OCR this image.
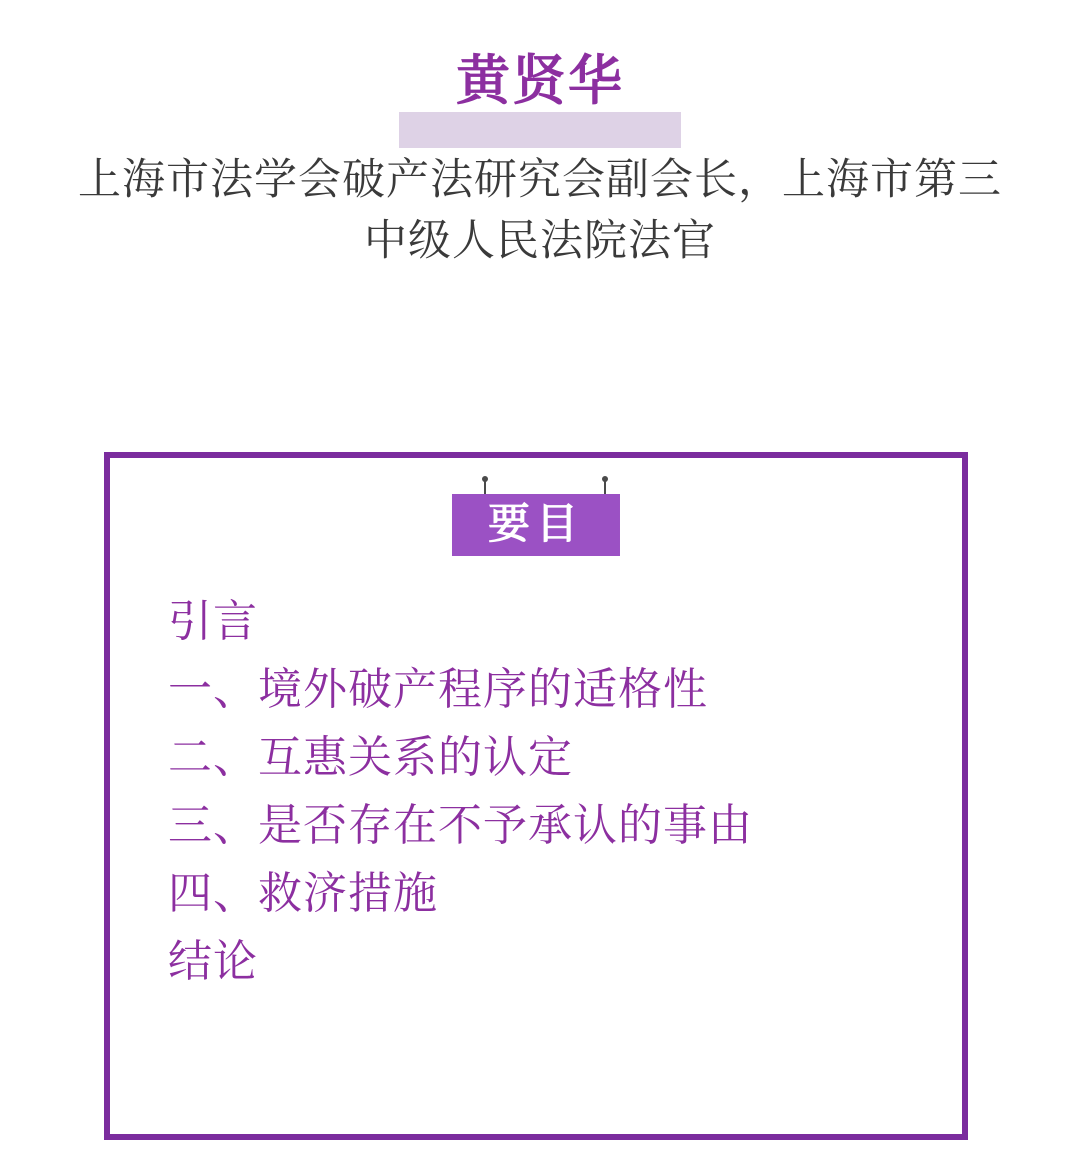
黄贤华
上海市法学会破产法研究会副会长，上海市第三中级人民法院法官
要目
引言
一、境外破产程序的适格性
二、互惠关系的认定
三、是否存在不予承认的事由
四、救济措施
结论
